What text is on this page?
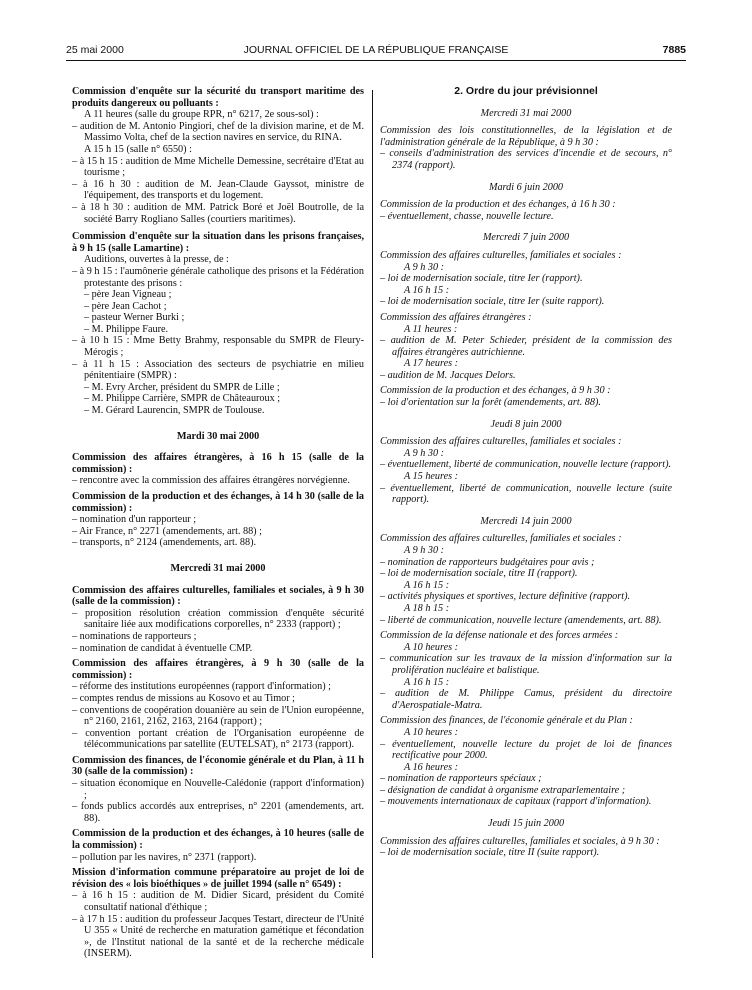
25 mai 2000	JOURNAL OFFICIEL DE LA RÉPUBLIQUE FRANÇAISE	7885
Commission d'enquête sur la sécurité du transport maritime des produits dangereux ou polluants :
A 11 heures (salle du groupe RPR, n° 6217, 2e sous-sol) :
– audition de M. Antonio Pingiori, chef de la division marine, et de M. Massimo Volta, chef de la section navires en service, du RINA.
A 15 h 15 (salle n° 6550) :
– à 15 h 15 : audition de Mme Michelle Demessine, secrétaire d'Etat au tourisme ;
– à 16 h 30 : audition de M. Jean-Claude Gayssot, ministre de l'équipement, des transports et du logement.
– à 18 h 30 : audition de MM. Patrick Boré et Joël Boutrolle, de la société Barry Rogliano Salles (courtiers maritimes).
Commission d'enquête sur la situation dans les prisons françaises, à 9 h 15 (salle Lamartine) :
Auditions, ouvertes à la presse, de :
– à 9 h 15 : l'aumônerie générale catholique des prisons et la Fédération protestante des prisons :
– père Jean Vigneau ;
– père Jean Cachot ;
– pasteur Werner Burki ;
– M. Philippe Faure.
– à 10 h 15 : Mme Betty Brahmy, responsable du SMPR de Fleury-Mérogis ;
– à 11 h 15 : Association des secteurs de psychiatrie en milieu pénitentiaire (SMPR) :
– M. Evry Archer, président du SMPR de Lille ;
– M. Philippe Carrière, SMPR de Châteauroux ;
– M. Gérard Laurencin, SMPR de Toulouse.
Mardi 30 mai 2000
Commission des affaires étrangères, à 16 h 15 (salle de la commission) :
– rencontre avec la commission des affaires étrangères norvégienne.
Commission de la production et des échanges, à 14 h 30 (salle de la commission) :
– nomination d'un rapporteur ;
– Air France, n° 2271 (amendements, art. 88) ;
– transports, n° 2124 (amendements, art. 88).
Mercredi 31 mai 2000
Commission des affaires culturelles, familiales et sociales, à 9 h 30 (salle de la commission) :
– proposition résolution création commission d'enquête sécurité sanitaire liée aux modifications corporelles, n° 2333 (rapport) ;
– nominations de rapporteurs ;
– nomination de candidat à éventuelle CMP.
Commission des affaires étrangères, à 9 h 30 (salle de la commission) :
– réforme des institutions européennes (rapport d'information) ;
– comptes rendus de missions au Kosovo et au Timor ;
– conventions de coopération douanière au sein de l'Union européenne, n° 2160, 2161, 2162, 2163, 2164 (rapport) ;
– convention portant création de l'Organisation européenne de télécommunications par satellite (EUTELSAT), n° 2173 (rapport).
Commission des finances, de l'économie générale et du Plan, à 11 h 30 (salle de la commission) :
– situation économique en Nouvelle-Calédonie (rapport d'information) ;
– fonds publics accordés aux entreprises, n° 2201 (amendements, art. 88).
Commission de la production et des échanges, à 10 heures (salle de la commission) :
– pollution par les navires, n° 2371 (rapport).
Mission d'information commune préparatoire au projet de loi de révision des « lois bioéthiques » de juillet 1994 (salle n° 6549) :
– à 16 h 15 : audition de M. Didier Sicard, président du Comité consultatif national d'éthique ;
– à 17 h 15 : audition du professeur Jacques Testart, directeur de l'Unité U 355 « Unité de recherche en maturation gamétique et fécondation », de l'Institut national de la santé et de la recherche médicale (INSERM).
2. Ordre du jour prévisionnel
Mercredi 31 mai 2000
Commission des lois constitutionnelles, de la législation et de l'administration générale de la République, à 9 h 30 :
– conseils d'administration des services d'incendie et de secours, n° 2374 (rapport).
Mardi 6 juin 2000
Commission de la production et des échanges, à 16 h 30 :
– éventuellement, chasse, nouvelle lecture.
Mercredi 7 juin 2000
Commission des affaires culturelles, familiales et sociales :
A 9 h 30 :
– loi de modernisation sociale, titre Ier (rapport).
A 16 h 15 :
– loi de modernisation sociale, titre Ier (suite rapport).
Commission des affaires étrangères :
A 11 heures :
– audition de M. Peter Schieder, président de la commission des affaires étrangères autrichienne.
A 17 heures :
– audition de M. Jacques Delors.
Commission de la production et des échanges, à 9 h 30 :
– loi d'orientation sur la forêt (amendements, art. 88).
Jeudi 8 juin 2000
Commission des affaires culturelles, familiales et sociales :
A 9 h 30 :
– éventuellement, liberté de communication, nouvelle lecture (rapport).
A 15 heures :
– éventuellement, liberté de communication, nouvelle lecture (suite rapport).
Mercredi 14 juin 2000
Commission des affaires culturelles, familiales et sociales :
A 9 h 30 :
– nomination de rapporteurs budgétaires pour avis ;
– loi de modernisation sociale, titre II (rapport).
A 16 h 15 :
– activités physiques et sportives, lecture définitive (rapport).
A 18 h 15 :
– liberté de communication, nouvelle lecture (amendements, art. 88).
Commission de la défense nationale et des forces armées :
A 10 heures :
– communication sur les travaux de la mission d'information sur la prolifération nucléaire et balistique.
A 16 h 15 :
– audition de M. Philippe Camus, président du directoire d'Aerospatiale-Matra.
Commission des finances, de l'économie générale et du Plan :
A 10 heures :
– éventuellement, nouvelle lecture du projet de loi de finances rectificative pour 2000.
A 16 heures :
– nomination de rapporteurs spéciaux ;
– désignation de candidat à organisme extraparlementaire ;
– mouvements internationaux de capitaux (rapport d'information).
Jeudi 15 juin 2000
Commission des affaires culturelles, familiales et sociales, à 9 h 30 :
– loi de modernisation sociale, titre II (suite rapport).
